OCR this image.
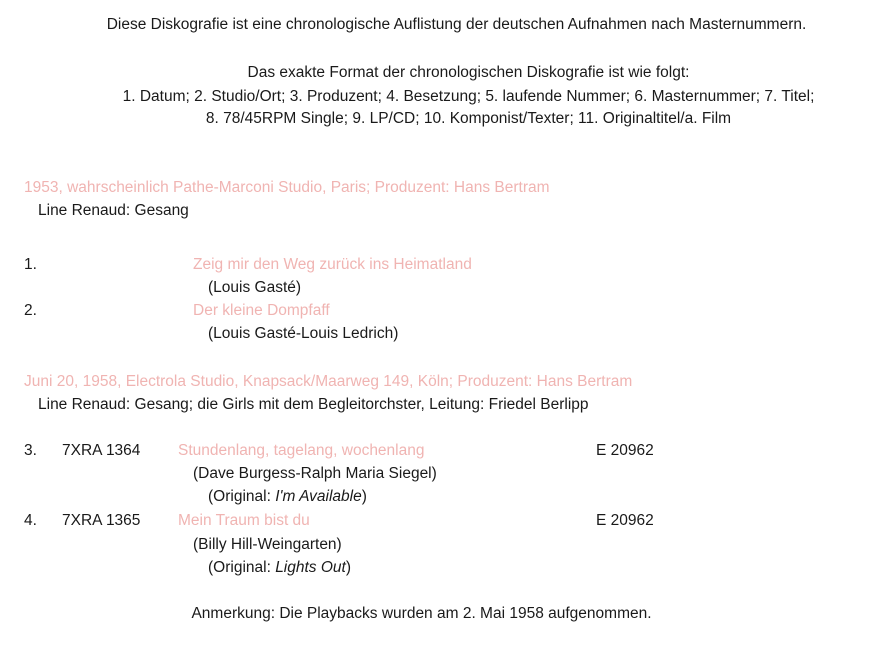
Diese Diskografie ist eine chronologische Auflistung der deutschen Aufnahmen nach Masternummern.
Das exakte Format der chronologischen Diskografie ist wie folgt:
1. Datum; 2. Studio/Ort; 3. Produzent; 4. Besetzung; 5. laufende Nummer; 6. Masternummer; 7. Titel;
8. 78/45RPM Single; 9. LP/CD; 10. Komponist/Texter; 11. Originaltitel/a. Film
1953, wahrscheinlich Pathe-Marconi Studio, Paris; Produzent: Hans Bertram
Line Renaud: Gesang
1.	Zeig mir den Weg zurück ins Heimatland
(Louis Gasté)
2.	Der kleine Dompfaff
(Louis Gasté-Louis Ledrich)
Juni 20, 1958, Electrola Studio, Knapsack/Maarweg 149, Köln; Produzent: Hans Bertram
Line Renaud: Gesang; die Girls mit dem Begleitorchster, Leitung: Friedel Berlipp
3. 7XRA 1364 Stundenlang, tagelang, wochenlang	E 20962
(Dave Burgess-Ralph Maria Siegel)
(Original: I'm Available)
4. 7XRA 1365 Mein Traum bist du	E 20962
(Billy Hill-Weingarten)
(Original: Lights Out)
Anmerkung: Die Playbacks wurden am 2. Mai 1958 aufgenommen.
